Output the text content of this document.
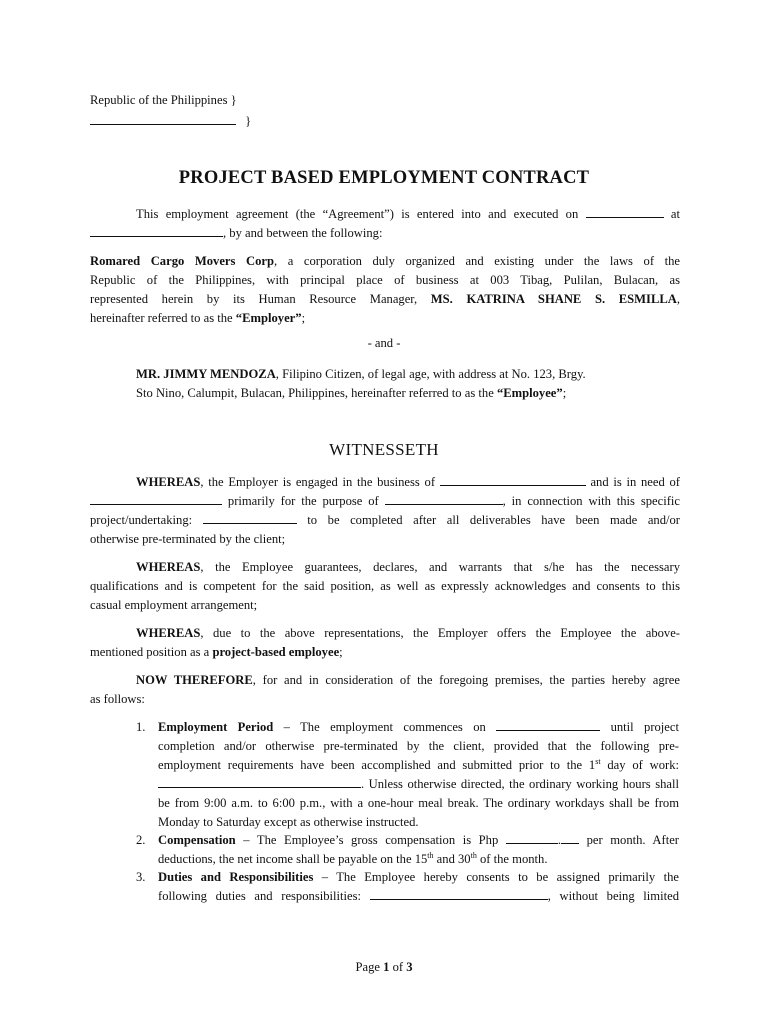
Republic of the Philippines }
}
PROJECT BASED EMPLOYMENT CONTRACT
This employment agreement (the “Agreement”) is entered into and executed on	at
, by and between the following:
Romared Cargo Movers Corp, a corporation duly organized and existing under the laws of the
Republic of the Philippines, with principal place of business at 003 Tibag, Pulilan, Bulacan, as
represented herein by its Human Resource Manager, MS. KATRINA SHANE S. ESMILLA,
hereinafter referred to as the “Employer”;
- and -
MR. JIMMY MENDOZA, Filipino Citizen, of legal age, with address at No. 123, Brgy.
Sto Nino, Calumpit, Bulacan, Philippines, hereinafter referred to as the “Employee”;
WITNESSETH
WHEREAS, the Employer is engaged in the business of	and is in need of
primarily for the purpose of	, in connection with this specific
project/undertaking:	to be completed after all deliverables have been made and/or
otherwise pre-terminated by the client;
WHEREAS, the Employee guarantees, declares, and warrants that s/he has the necessary
qualifications and is competent for the said position, as well as expressly acknowledges and consents to this
casual employment arrangement;
WHEREAS, due to the above representations, the Employer offers the Employee the above-
mentioned position as a project-based employee;
NOW THEREFORE, for and in consideration of the foregoing premises, the parties hereby agree
as follows:
1. Employment Period – The employment commences on	until project
completion and/or otherwise pre-terminated by the client, provided that the following pre-
employment requirements have been accomplished and submitted prior to the 1st day of work:
. Unless otherwise directed, the ordinary working hours shall
be from 9:00 a.m. to 6:00 p.m., with a one-hour meal break. The ordinary workdays shall be from
Monday to Saturday except as otherwise instructed.
2. Compensation – The Employee’s gross compensation is Php	. per month. After
deductions, the net income shall be payable on the 15th and 30th of the month.
3. Duties and Responsibilities – The Employee hereby consents to be assigned primarily the
following duties and responsibilities:	, without being limited
Page 1 of 3
